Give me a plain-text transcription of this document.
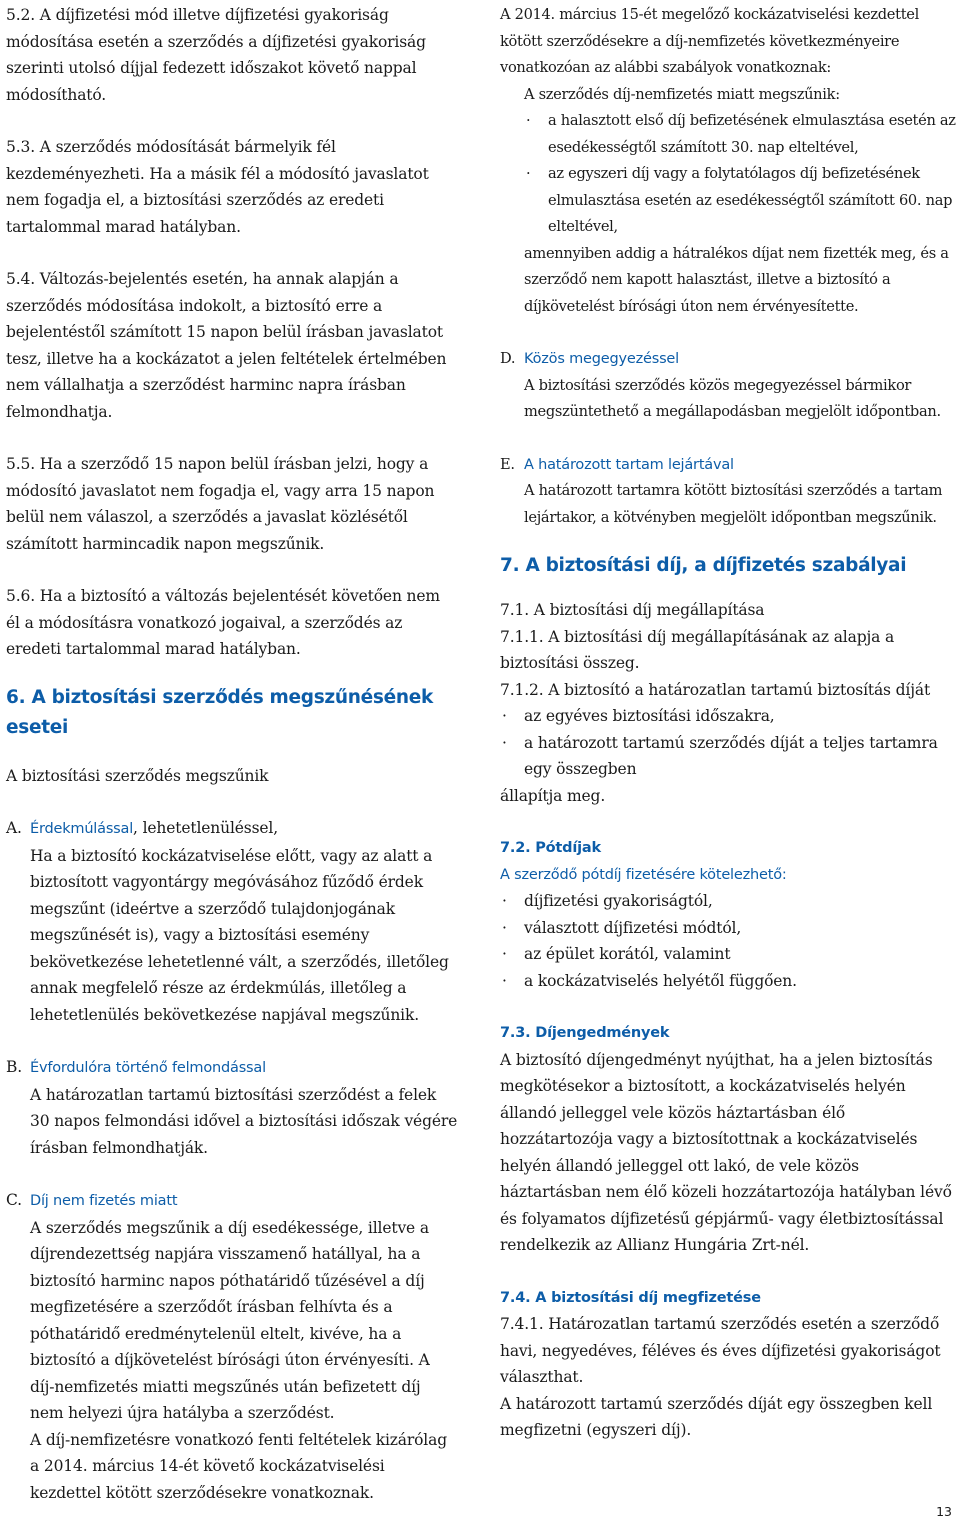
5.2. A díjfizetési mód illetve díjfizetési gyakoriság módosítása esetén a szerződés a díjfizetési gyakoriság szerinti utolsó díjjal fedezett időszakot követő nappal módosítható.

5.3. A szerződés módosítását bármelyik fél kezdeményezheti. Ha a másik fél a módosító javaslatot nem fogadja el, a biztosítási szerződés az eredeti tartalommal marad hatályban.

5.4. Változás-bejelentés esetén, ha annak alapján a szerződés módosítása indokolt, a biztosító erre a bejelentéstől számított 15 napon belül írásban javaslatot tesz, illetve ha a kockázatot a jelen feltételek értelmében nem vállalhatja a szerződést harminc napra írásban felmondhatja.

5.5. Ha a szerződő 15 napon belül írásban jelzi, hogy a módosító javaslatot nem fogadja el, vagy arra 15 napon belül nem válaszol, a szerződés a javaslat közlésétől számított harmincadik napon megszűnik.

5.6. Ha a biztosító a változás bejelentését követően nem él a módosításra vonatkozó jogaival, a szerződés az eredeti tartalommal marad hatályban.

6. A biztosítási szerződés megszűnésének esetei

A biztosítási szerződés megszűnik

A. Érdekmúlással, lehetetlenüléssel,
Ha a biztosító kockázatviselése előtt, vagy az alatt a biztosított vagyontárgy megóvásához fűződő érdek megszűnt (ideértve a szerződő tulajdonjogának megszűnését is), vagy a biztosítási esemény bekövetkezése lehetetlenné vált, a szerződés, illetőleg annak megfelelő része az érdekmúlás, illetőleg a lehetetlenülés bekövetkezése napjával megszűnik.
B. Évfordulóra történő felmondással
A határozatlan tartamú biztosítási szerződést a felek 30 napos felmondási idővel a biztosítási időszak végére írásban felmondhatják.
C. Díj nem fizetés miatt
A szerződés megszűnik a díj esedékessége, illetve a díjrendezettség napjára visszamenő hatállyal, ha a biztosító harminc napos póthatáridő tűzésével a díj megfizetésére a szerződőt írásban felhívta és a póthatáridő eredménytelenül eltelt, kivéve, ha a biztosító a díjkövetelést bírósági úton érvényesíti. A díj-nemfizetés miatti megszűnés után befizetett díj nem helyezi újra hatályba a szerződést.
A díj-nemfizetésre vonatkozó fenti feltételek kizárólag a 2014. március 14-ét követő kockázatviselési kezdettel kötött szerződésekre vonatkoznak.
A 2014. március 15-ét megelőző kockázatviselési kezdettel kötött szerződésekre a díj-nemfizetés következményeire vonatkozóan az alábbi szabályok vonatkoznak:
A szerződés díj-nemfizetés miatt megszűnik:
· a halasztott első díj befizetésének elmulasztása esetén az esedékességtől számított 30. nap elteltével,
· az egyszeri díj vagy a folytatólagos díj befizetésének elmulasztása esetén az esedékességtől számított 60. nap elteltével,
amennyiben addig a hátralékos díjat nem fizették meg, és a szerződő nem kapott halasztást, illetve a biztosító a díjkövetelést bírósági úton nem érvényesítette.
D. Közös megegyezéssel
A biztosítási szerződés közös megegyezéssel bármikor megszüntethető a megállapodásban megjelölt időpontban.
E. A határozott tartam lejártával
A határozott tartamra kötött biztosítási szerződés a tartam lejártakor, a kötvényben megjelölt időpontban megszűnik.
7. A biztosítási díj, a díjfizetés szabályai

7.1. A biztosítási díj megállapítása

7.1.1. A biztosítási díj megállapításának az alapja a biztosítási összeg.

7.1.2. A biztosító a határozatlan tartamú biztosítás díját

· az egyéves biztosítási időszakra,
· a határozott tartamú szerződés díját a teljes tartamra egy összegben

állapítja meg.

7.2. Pótdíjak

A szerződő pótdíj fizetésére kötelezhető:

· díjfizetési gyakoriságtól,
· választott díjfizetési módtól,
· az épület korától, valamint
· a kockázatviselés helyétől függően.
7.3. Díjengedmények

A biztosító díjengedményt nyújthat, ha a jelen biztosítás megkötésekor a biztosított, a kockázatviselés helyén állandó jelleggel vele közös háztartásban élő hozzátartozója vagy a biztosítottnak a kockázatviselés helyén állandó jelleggel ott lakó, de vele közös háztartásban nem élő közeli hozzátartozója hatályban lévő és folyamatos díjfizetésű gépjármű- vagy életbiztosítással rendelkezik az Allianz Hungária Zrt-nél.

7.4. A biztosítási díj megfizetése

7.4.1. Határozatlan tartamú szerződés esetén a szerződő havi, negyedéves, féléves és éves díjfizetési gyakoriságot választhat.

A határozott tartamú szerződés díját egy összegben kell megfizetni (egyszeri díj).

13
